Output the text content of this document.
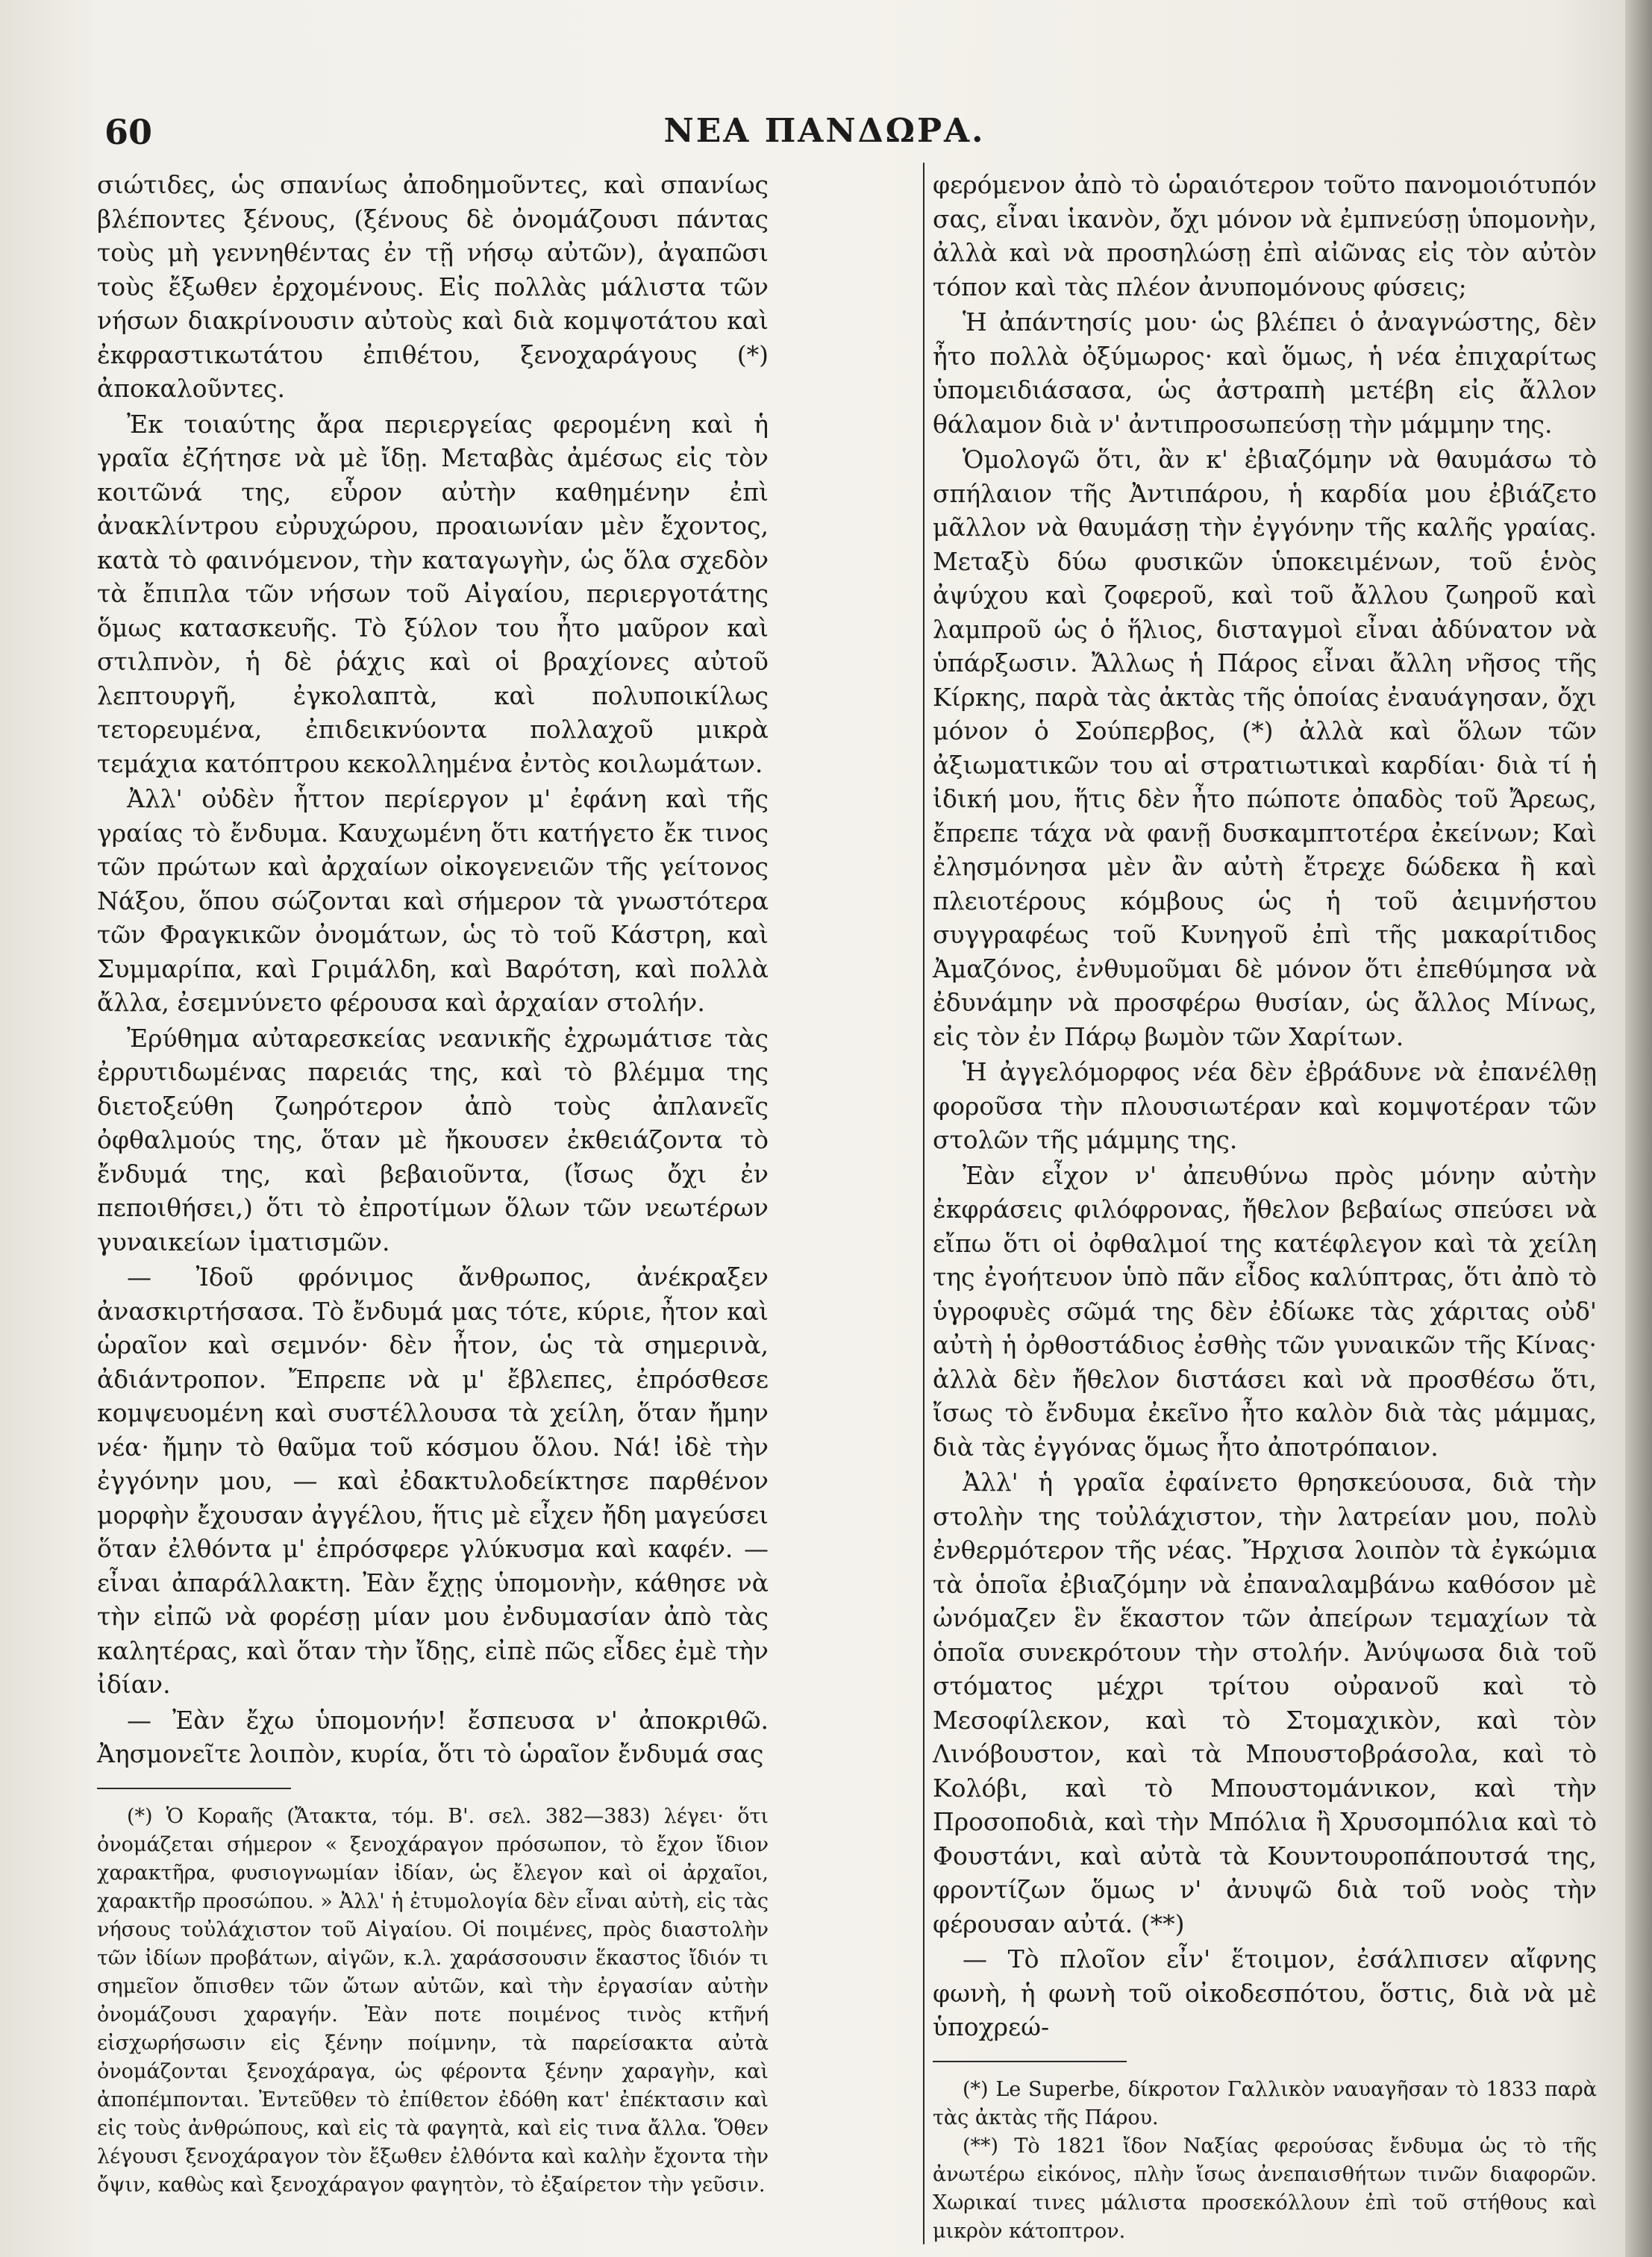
60	ΝΕΑ ΠΑΝΔΩΡΑ.

σιώτιδες, ὡς σπανίως ἀποδημοῦντες, καὶ σπανίως βλέποντες ξένους, (ξένους δὲ ὀνομάζουσι πάντας τοὺς μὴ γεννηθέντας ἐν τῇ νήσῳ αὐτῶν), ἀγαπῶσι τοὺς ἔξωθεν ἐρχομένους. Εἰς πολλὰς μάλιστα τῶν νήσων διακρίνουσιν αὐτοὺς καὶ διὰ κομψοτάτου καὶ ἐκφραστικωτάτου ἐπιθέτου, ξενοχαράγους (*) ἀποκαλοῦντες.

Ἐκ τοιαύτης ἄρα περιεργείας φερομένη καὶ ἡ γραῖα ἐζήτησε νὰ μὲ ἴδῃ. Μεταβὰς ἀμέσως εἰς τὸν κοιτῶνά της, εὗρον αὐτὴν καθημένην ἐπὶ ἀνακλίντρου εὐρυχώρου, προαιωνίαν μὲν ἔχοντος, κατὰ τὸ φαινόμενον, τὴν καταγωγὴν, ὡς ὅλα σχεδὸν τὰ ἔπιπλα τῶν νήσων τοῦ Αἰγαίου, περιεργοτάτης ὅμως κατασκευῆς. Τὸ ξύλον του ἦτο μαῦρον καὶ στιλπνὸν, ἡ δὲ ῥάχις καὶ οἱ βραχίονες αὐτοῦ λεπτουργῆ, ἐγκολαπτὰ, καὶ πολυποικίλως τετορευμένα, ἐπιδεικνύοντα πολλαχοῦ μικρὰ τεμάχια κατόπτρου κεκολλημένα ἐντὸς κοιλωμάτων.

Ἀλλ' οὐδὲν ἧττον περίεργον μ' ἐφάνη καὶ τῆς γραίας τὸ ἔνδυμα. Καυχωμένη ὅτι κατήγετο ἔκ τινος τῶν πρώτων καὶ ἀρχαίων οἰκογενειῶν τῆς γείτονος Νάξου, ὅπου σώζονται καὶ σήμερον τὰ γνωστότερα τῶν Φραγκικῶν ὀνομάτων, ὡς τὸ τοῦ Κάστρη, καὶ Συμμαρίπα, καὶ Γριμάλδη, καὶ Βαρότση, καὶ πολλὰ ἄλλα, ἐσεμνύνετο φέρουσα καὶ ἀρχαίαν στολήν.

Ἐρύθημα αὐταρεσκείας νεανικῆς ἐχρωμάτισε τὰς ἐρρυτιδωμένας παρειάς της, καὶ τὸ βλέμμα της διετοξεύθη ζωηρότερον ἀπὸ τοὺς ἀπλανεῖς ὀφθαλμούς της, ὅταν μὲ ἤκουσεν ἐκθειάζοντα τὸ ἔνδυμά της, καὶ βεβαιοῦντα, (ἴσως ὄχι ἐν πεποιθήσει,) ὅτι τὸ ἐπροτίμων ὅλων τῶν νεωτέρων γυναικείων ἱματισμῶν.

— Ἰδοῦ φρόνιμος ἄνθρωπος, ἀνέκραξεν ἀνασκιρτήσασα. Τὸ ἔνδυμά μας τότε, κύριε, ἦτον καὶ ὡραῖον καὶ σεμνόν· δὲν ἦτον, ὡς τὰ σημερινὰ, ἀδιάντροπον. Ἔπρεπε νὰ μ' ἔβλεπες, ἐπρόσθεσε κομψευομένη καὶ συστέλλουσα τὰ χείλη, ὅταν ἤμην νέα· ἤμην τὸ θαῦμα τοῦ κόσμου ὅλου. Νά! ἰδὲ τὴν ἐγγόνην μου, — καὶ ἐδακτυλοδείκτησε παρθένον μορφὴν ἔχουσαν ἀγγέλου, ἥτις μὲ εἶχεν ἤδη μαγεύσει ὅταν ἐλθόντα μ' ἐπρόσφερε γλύκυσμα καὶ καφέν. — εἶναι ἀπαράλλακτη. Ἐὰν ἔχῃς ὑπομονὴν, κάθησε νὰ τὴν εἰπῶ νὰ φορέσῃ μίαν μου ἐνδυμασίαν ἀπὸ τὰς καλητέρας, καὶ ὅταν τὴν ἴδῃς, εἰπὲ πῶς εἶδες ἐμὲ τὴν ἰδίαν.

— Ἐὰν ἔχω ὑπομονήν! ἔσπευσα ν' ἀποκριθῶ. Ἀησμονεῖτε λοιπὸν, κυρία, ὅτι τὸ ὡραῖον ἔνδυμά σας

(*) Ὁ Κοραῆς (Ἄτακτα, τόμ. Β'. σελ. 382—383) λέγει· ὅτι ὀνομάζεται σήμερον « ξενοχάραγον πρόσωπον, τὸ ἔχον ἴδιον χαρακτῆρα, φυσιογνωμίαν ἰδίαν, ὡς ἔλεγον καὶ οἱ ἀρχαῖοι, χαρακτῆρ προσώπου. » Ἀλλ' ἡ ἐτυμολογία δὲν εἶναι αὐτὴ, εἰς τὰς νήσους τοὐλάχιστον τοῦ Αἰγαίου. Οἱ ποιμένες, πρὸς διαστολὴν τῶν ἰδίων προβάτων, αἰγῶν, κ.λ. χαράσσουσιν ἕκαστος ἴδιόν τι σημεῖον ὄπισθεν τῶν ὤτων αὐτῶν, καὶ τὴν ἐργασίαν αὐτὴν ὀνομάζουσι χαραγήν. Ἐὰν ποτε ποιμένος τινὸς κτῆνή εἰσχωρήσωσιν εἰς ξένην ποίμνην, τὰ παρείσακτα αὐτὰ ὀνομάζονται ξενοχάραγα, ὡς φέροντα ξένην χαραγὴν, καὶ ἀποπέμπονται. Ἐντεῦθεν τὸ ἐπίθετον ἐδόθη κατ' ἐπέκτασιν καὶ εἰς τοὺς ἀνθρώπους, καὶ εἰς τὰ φαγητὰ, καὶ εἰς τινα ἄλλα. Ὅθεν λέγουσι ξενοχάραγον τὸν ἔξωθεν ἐλθόντα καὶ καλὴν ἔχοντα τὴν ὄψιν, καθὼς καὶ ξενοχάραγον φαγητὸν, τὸ ἐξαίρετον τὴν γεῦσιν.

φερόμενον ἀπὸ τὸ ὡραιότερον τοῦτο πανομοιότυπόν σας, εἶναι ἱκανὸν, ὄχι μόνον νὰ ἐμπνεύσῃ ὑπομονὴν, ἀλλὰ καὶ νὰ προσηλώσῃ ἐπὶ αἰῶνας εἰς τὸν αὐτὸν τόπον καὶ τὰς πλέον ἀνυπομόνους φύσεις;

Ἡ ἀπάντησίς μου· ὡς βλέπει ὁ ἀναγνώστης, δὲν ἦτο πολλὰ ὀξύμωρος· καὶ ὅμως, ἡ νέα ἐπιχαρίτως ὑπομειδιάσασα, ὡς ἀστραπὴ μετέβη εἰς ἄλλον θάλαμον διὰ ν' ἀντιπροσωπεύσῃ τὴν μάμμην της.

Ὁμολογῶ ὅτι, ἂν κ' ἐβιαζόμην νὰ θαυμάσω τὸ σπήλαιον τῆς Ἀντιπάρου, ἡ καρδία μου ἐβιάζετο μᾶλλον νὰ θαυμάσῃ τὴν ἐγγόνην τῆς καλῆς γραίας. Μεταξὺ δύω φυσικῶν ὑποκειμένων, τοῦ ἑνὸς ἀψύχου καὶ ζοφεροῦ, καὶ τοῦ ἄλλου ζωηροῦ καὶ λαμπροῦ ὡς ὁ ἥλιος, δισταγμοὶ εἶναι ἀδύνατον νὰ ὑπάρξωσιν. Ἄλλως ἡ Πάρος εἶναι ἄλλη νῆσος τῆς Κίρκης, παρὰ τὰς ἀκτὰς τῆς ὁποίας ἐναυάγησαν, ὄχι μόνον ὁ Σούπερβος, (*) ἀλλὰ καὶ ὅλων τῶν ἀξιωματικῶν του αἱ στρατιωτικαὶ καρδίαι· διὰ τί ἡ ἰδική μου, ἥτις δὲν ἦτο πώποτε ὀπαδὸς τοῦ Ἄρεως, ἔπρεπε τάχα νὰ φανῇ δυσκαμπτοτέρα ἐκείνων; Καὶ ἐλησμόνησα μὲν ἂν αὐτὴ ἔτρεχε δώδεκα ἢ καὶ πλειοτέρους κόμβους ὡς ἡ τοῦ ἀειμνήστου συγγραφέως τοῦ Κυνηγοῦ ἐπὶ τῆς μακαρίτιδος Ἀμαζόνος, ἐνθυμοῦμαι δὲ μόνον ὅτι ἐπεθύμησα νὰ ἐδυνάμην νὰ προσφέρω θυσίαν, ὡς ἄλλος Μίνως, εἰς τὸν ἐν Πάρῳ βωμὸν τῶν Χαρίτων.

Ἡ ἀγγελόμορφος νέα δὲν ἐβράδυνε νὰ ἐπανέλθῃ φοροῦσα τὴν πλουσιωτέραν καὶ κομψοτέραν τῶν στολῶν τῆς μάμμης της.

Ἐὰν εἶχον ν' ἀπευθύνω πρὸς μόνην αὐτὴν ἐκφράσεις φιλόφρονας, ἤθελον βεβαίως σπεύσει νὰ εἴπω ὅτι οἱ ὀφθαλμοί της κατέφλεγον καὶ τὰ χείλη της ἐγοήτευον ὑπὸ πᾶν εἶδος καλύπτρας, ὅτι ἀπὸ τὸ ὑγροφυὲς σῶμά της δὲν ἐδίωκε τὰς χάριτας οὐδ' αὐτὴ ἡ ὀρθοστάδιος ἐσθὴς τῶν γυναικῶν τῆς Κίνας· ἀλλὰ δὲν ἤθελον διστάσει καὶ νὰ προσθέσω ὅτι, ἴσως τὸ ἔνδυμα ἐκεῖνο ἦτο καλὸν διὰ τὰς μάμμας, διὰ τὰς ἐγγόνας ὅμως ἦτο ἀποτρόπαιον.

Ἀλλ' ἡ γραῖα ἐφαίνετο θρησκεύουσα, διὰ τὴν στολὴν της τοὐλάχιστον, τὴν λατρείαν μου, πολὺ ἐνθερμότερον τῆς νέας. Ἤρχισα λοιπὸν τὰ ἐγκώμια τὰ ὁποῖα ἐβιαζόμην νὰ ἐπαναλαμβάνω καθόσον μὲ ὠνόμαζεν ἓν ἕκαστον τῶν ἀπείρων τεμαχίων τὰ ὁποῖα συνεκρότουν τὴν στολήν. Ἀνύψωσα διὰ τοῦ στόματος μέχρι τρίτου οὐρανοῦ καὶ τὸ Μεσοφίλεκον, καὶ τὸ Στομαχικὸν, καὶ τὸν Λινόβουστον, καὶ τὰ Μπουστοβράσολα, καὶ τὸ Κολόβι, καὶ τὸ Μπουστομάνικον, καὶ τὴν Προσοποδιὰ, καὶ τὴν Μπόλια ἢ Χρυσομπόλια καὶ τὸ Φουστάνι, καὶ αὐτὰ τὰ Κουντουροπάπουτσά της, φροντίζων ὅμως ν' ἀνυψῶ διὰ τοῦ νοὸς τὴν φέρουσαν αὐτά. (**)

— Τὸ πλοῖον εἶν' ἕτοιμον, ἐσάλπισεν αἴφνης φωνὴ, ἡ φωνὴ τοῦ οἰκοδεσπότου, ὅστις, διὰ νὰ μὲ ὑποχρεώ-

(*) Le Superbe, δίκροτον Γαλλικὸν ναυαγῆσαν τὸ 1833 παρὰ τὰς ἀκτὰς τῆς Πάρου.

(**) Τὸ 1821 ἴδον Ναξίας φερούσας ἔνδυμα ὡς τὸ τῆς ἀνωτέρω εἰκόνος, πλὴν ἴσως ἀνεπαισθήτων τινῶν διαφορῶν. Χωρικαί τινες μάλιστα προσεκόλλουν ἐπὶ τοῦ στήθους καὶ μικρὸν κάτοπτρον.
